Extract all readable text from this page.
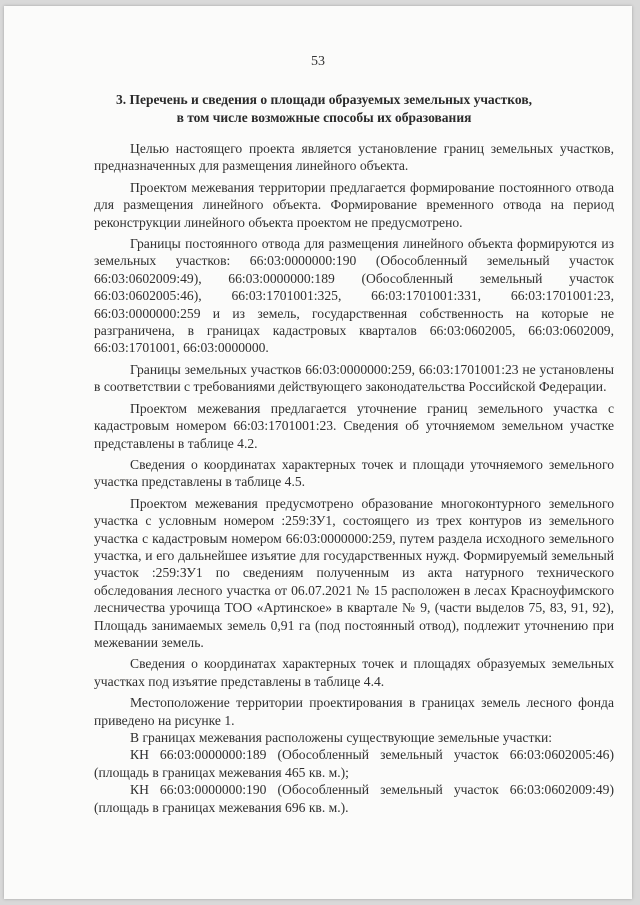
53
3. Перечень и сведения о площади образуемых земельных участков,
в том числе возможные способы их образования

Целью настоящего проекта является установление границ земельных участков, предназначенных для размещения линейного объекта.

Проектом межевания территории предлагается формирование постоянного отвода для размещения линейного объекта. Формирование временного отвода на период реконструкции линейного объекта проектом не предусмотрено.

Границы постоянного отвода для размещения линейного объекта формируются из земельных участков: 66:03:0000000:190 (Обособленный земельный участок 66:03:0602009:49), 66:03:0000000:189 (Обособленный земельный участок 66:03:0602005:46), 66:03:1701001:325, 66:03:1701001:331, 66:03:1701001:23, 66:03:0000000:259 и из земель, государственная собственность на которые не разграничена, в границах кадастровых кварталов 66:03:0602005, 66:03:0602009, 66:03:1701001, 66:03:0000000.

Границы земельных участков 66:03:0000000:259, 66:03:1701001:23 не установлены в соответствии с требованиями действующего законодательства Российской Федерации.

Проектом межевания предлагается уточнение границ земельного участка с кадастровым номером 66:03:1701001:23. Сведения об уточняемом земельном участке представлены в таблице 4.2.

Сведения о координатах характерных точек и площади уточняемого земельного участка представлены в таблице 4.5.

Проектом межевания предусмотрено образование многоконтурного земельного участка с условным номером :259:ЗУ1, состоящего из трех контуров из земельного участка с кадастровым номером 66:03:0000000:259, путем раздела исходного земельного участка, и его дальнейшее изъятие для государственных нужд. Формируемый земельный участок :259:ЗУ1 по сведениям полученным из акта натурного технического обследования лесного участка от 06.07.2021 № 15 расположен в лесах Красноуфимского лесничества урочища ТОО «Артинское» в квартале № 9, (части выделов 75, 83, 91, 92), Площадь занимаемых земель 0,91 га (под постоянный отвод), подлежит уточнению при межевании земель.

Сведения о координатах характерных точек и площадях образуемых земельных участках под изъятие представлены в таблице 4.4.

Местоположение территории проектирования в границах земель лесного фонда приведено на рисунке 1.

В границах межевания расположены существующие земельные участки:

КН 66:03:0000000:189 (Обособленный земельный участок 66:03:0602005:46) (площадь в границах межевания 465 кв. м.);

КН 66:03:0000000:190 (Обособленный земельный участок 66:03:0602009:49) (площадь в границах межевания 696 кв. м.).
